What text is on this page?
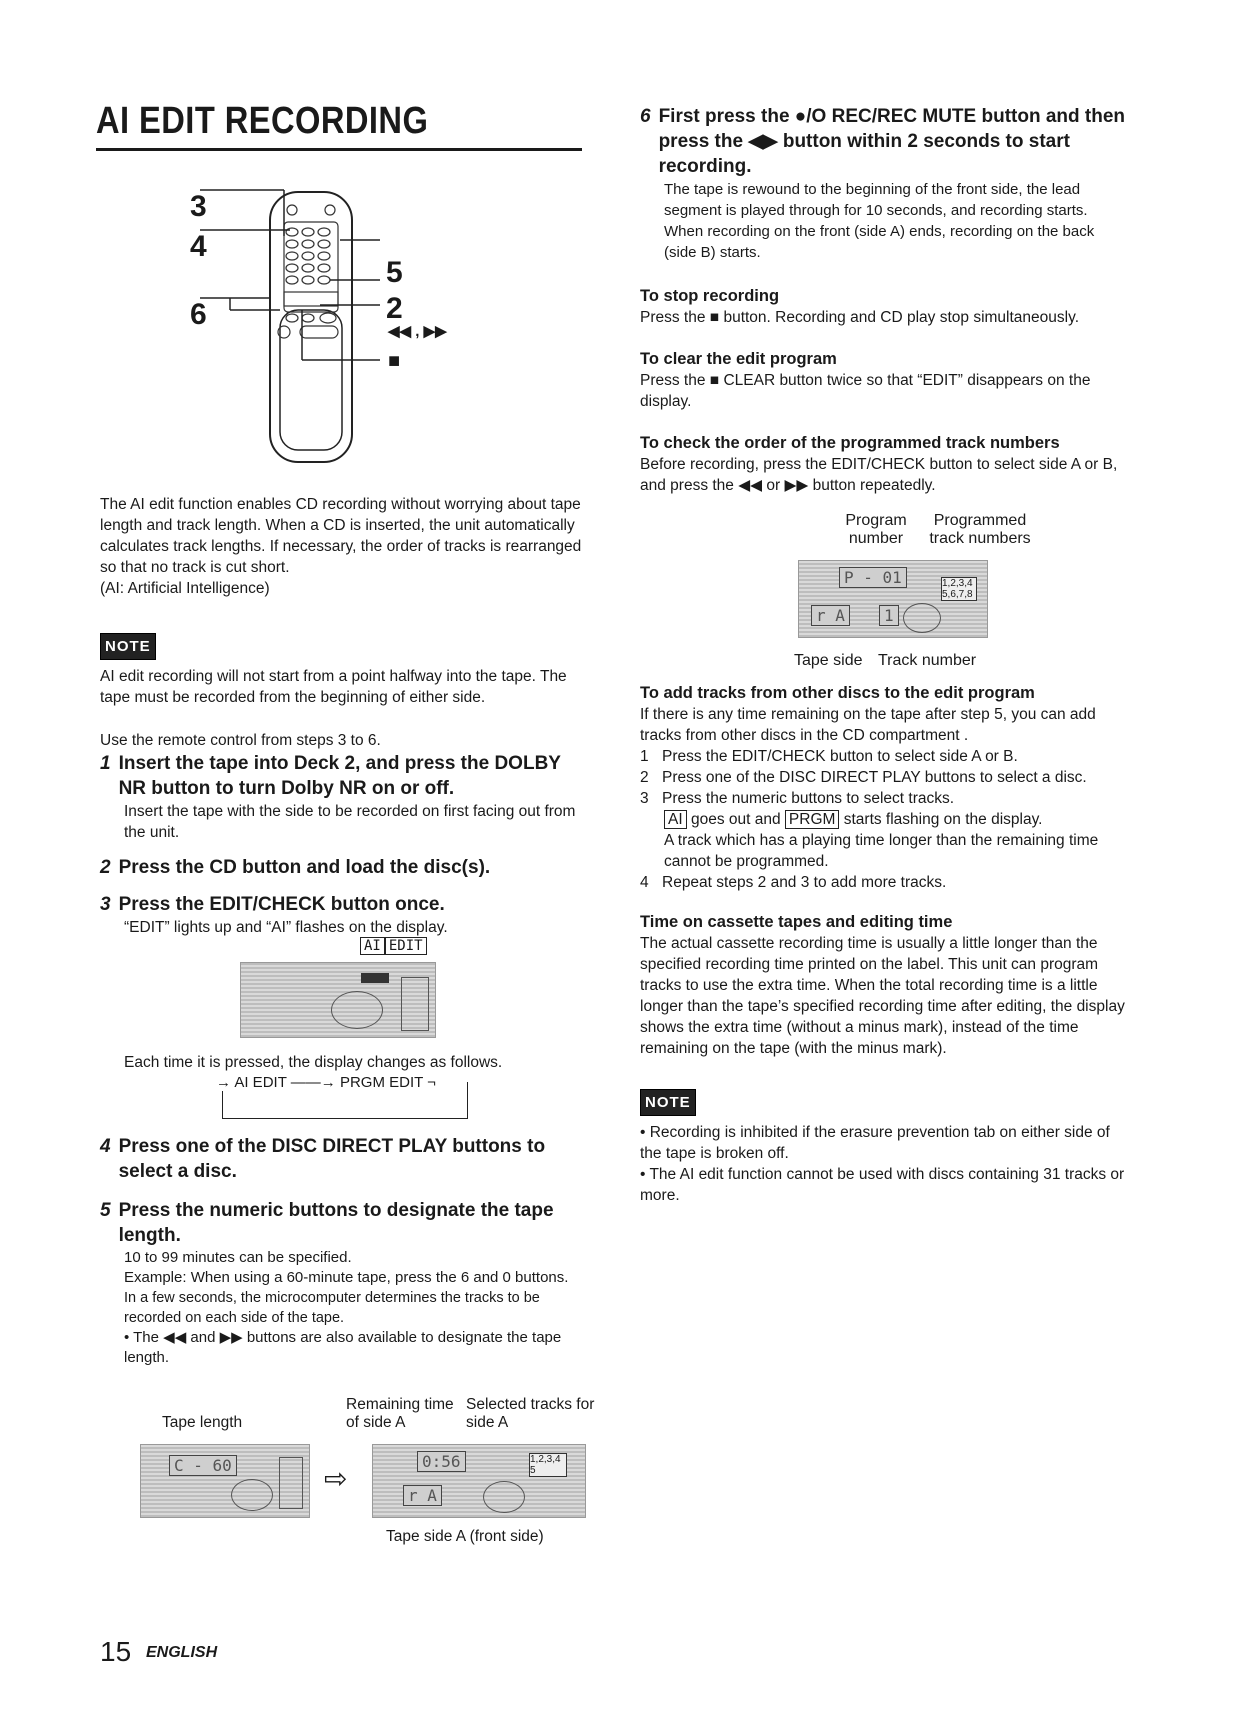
AI EDIT RECORDING
3
4
6
5
2
◀◀ , ▶▶
■

The AI edit function enables CD recording without worrying about tape length and track length. When a CD is inserted, the unit automatically calculates track lengths. If necessary, the order of tracks is rearranged so that no track is cut short.

(AI: Artificial Intelligence)

NOTE

AI edit recording will not start from a point halfway into the tape. The tape must be recorded from the beginning of either side.

Use the remote control from steps 3 to 6.

1 Insert the tape into Deck 2, and press the DOLBY NR button to turn Dolby NR on or off.

Insert the tape with the side to be recorded on first facing out from the unit.

2 Press the CD button and load the disc(s).
3 Press the EDIT/CHECK button once.

“EDIT” lights up and “AI” flashes on the display.

AI EDIT
Each time it is pressed, the display changes as follows.
→ AI EDIT ——→ PRGM EDIT ¬
4 Press one of the DISC DIRECT PLAY buttons to select a disc.
5 Press the numeric buttons to designate the tape length.

10 to 99 minutes can be specified.

Example: When using a 60-minute tape, press the 6 and 0 buttons.

In a few seconds, the microcomputer determines the tracks to be recorded on each side of the tape.

• The ◀◀ and ▶▶ buttons are also available to designate the tape length.

Tape length
Remaining time of side A
Selected tracks for side A
C - 60	⇨
0:56
r A
1,2,3,4 5
Tape side A (front side)
6 First press the ●/O REC/REC MUTE button and then press the ◀▶ button within 2 seconds to start recording.

The tape is rewound to the beginning of the front side, the lead segment is played through for 10 seconds, and recording starts. When recording on the front (side A) ends, recording on the back (side B) starts.

To stop recording

Press the ■ button. Recording and CD play stop simultaneously.

To clear the edit program

Press the ■ CLEAR button twice so that “EDIT” disappears on the display.

To check the order of the programmed track numbers

Before recording, press the EDIT/CHECK button to select side A or B, and press the ◀◀ or ▶▶ button repeatedly.

Program number
Programmed track numbers
P - 01
r A	1
1,2,3,4 5,6,7,8
Tape side Track number
To add tracks from other discs to the edit program

If there is any time remaining on the tape after step 5, you can add tracks from other discs in the CD compartment .

1 Press the EDIT/CHECK button to select side A or B.

2 Press one of the DISC DIRECT PLAY buttons to select a disc.

3 Press the numeric buttons to select tracks.

AI goes out and PRGM starts flashing on the display.

A track which has a playing time longer than the remaining time cannot be programmed.

4 Repeat steps 2 and 3 to add more tracks.

Time on cassette tapes and editing time

The actual cassette recording time is usually a little longer than the specified recording time printed on the label. This unit can program tracks to use the extra time. When the total recording time is a little longer than the tape’s specified recording time after editing, the display shows the extra time (without a minus mark), instead of the time remaining on the tape (with the minus mark).

NOTE

• Recording is inhibited if the erasure prevention tab on either side of the tape is broken off.

• The AI edit function cannot be used with discs containing 31 tracks or more.

15 ENGLISH
